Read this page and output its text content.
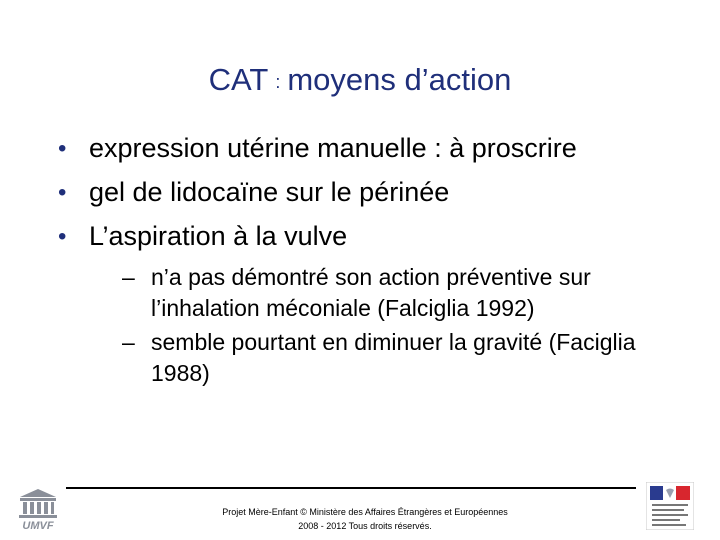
CAT : moyens d’action
• expression utérine manuelle : à proscrire
• gel de lidocaïne sur le périnée
• L’aspiration à la vulve
– n’a pas démontré son action préventive sur l’inhalation méconiale (Falciglia 1992)
– semble pourtant en diminuer la gravité (Faciglia 1988)
UMVF
Projet Mère-Enfant © Ministère des Affaires Étrangères et Européennes
2008 - 2012 Tous droits réservés.
